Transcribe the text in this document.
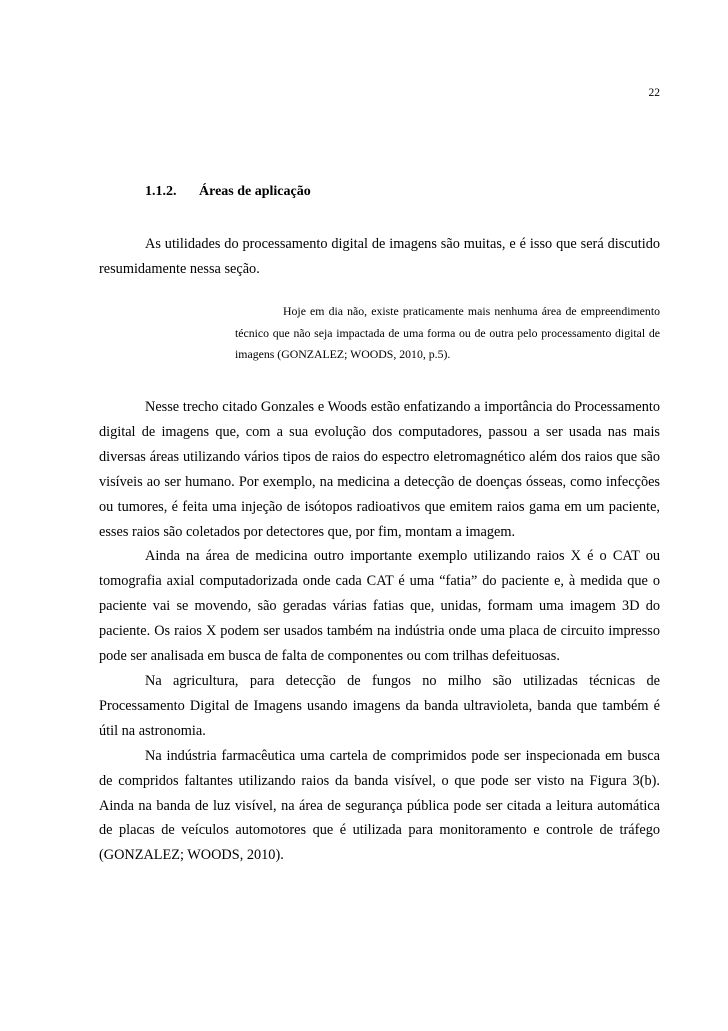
22
1.1.2. Áreas de aplicação

As utilidades do processamento digital de imagens são muitas, e é isso que será discutido resumidamente nessa seção.

Hoje em dia não, existe praticamente mais nenhuma área de empreendimento técnico que não seja impactada de uma forma ou de outra pelo processamento digital de imagens (GONZALEZ; WOODS, 2010, p.5).

Nesse trecho citado Gonzales e Woods estão enfatizando a importância do Processamento digital de imagens que, com a sua evolução dos computadores, passou a ser usada nas mais diversas áreas utilizando vários tipos de raios do espectro eletromagnético além dos raios que são visíveis ao ser humano. Por exemplo, na medicina a detecção de doenças ósseas, como infecções ou tumores, é feita uma injeção de isótopos radioativos que emitem raios gama em um paciente, esses raios são coletados por detectores que, por fim, montam a imagem.

Ainda na área de medicina outro importante exemplo utilizando raios X é o CAT ou tomografia axial computadorizada onde cada CAT é uma “fatia” do paciente e, à medida que o paciente vai se movendo, são geradas várias fatias que, unidas, formam uma imagem 3D do paciente. Os raios X podem ser usados também na indústria onde uma placa de circuito impresso pode ser analisada em busca de falta de componentes ou com trilhas defeituosas.

Na agricultura, para detecção de fungos no milho são utilizadas técnicas de Processamento Digital de Imagens usando imagens da banda ultravioleta, banda que também é útil na astronomia.

Na indústria farmacêutica uma cartela de comprimidos pode ser inspecionada em busca de compridos faltantes utilizando raios da banda visível, o que pode ser visto na Figura 3(b). Ainda na banda de luz visível, na área de segurança pública pode ser citada a leitura automática de placas de veículos automotores que é utilizada para monitoramento e controle de tráfego (GONZALEZ; WOODS, 2010).
